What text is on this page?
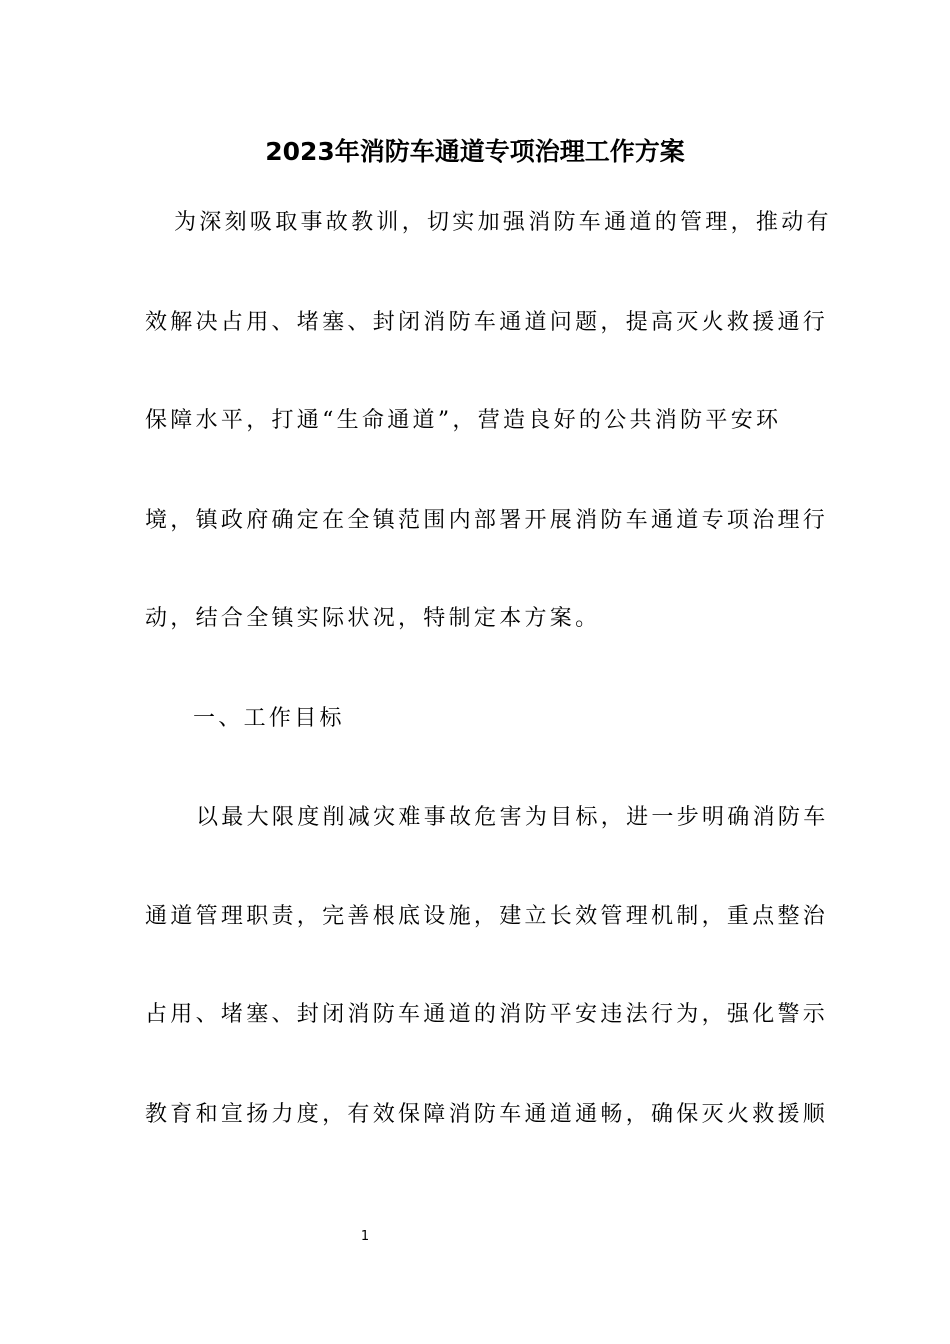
2023年消防车通道专项治理工作方案
为深刻吸取事故教训，切实加强消防车通道的管理，推动有
效解决占用、堵塞、封闭消防车通道问题，提高灭火救援通行
保障水平，打通“生命通道”，营造良好的公共消防平安环
境，镇政府确定在全镇范围内部署开展消防车通道专项治理行
动，结合全镇实际状况，特制定本方案。
一、工作目标
以最大限度削减灾难事故危害为目标，进一步明确消防车
通道管理职责，完善根底设施，建立长效管理机制，重点整治
占用、堵塞、封闭消防车通道的消防平安违法行为，强化警示
教育和宣扬力度，有效保障消防车通道通畅，确保灭火救援顺
1
